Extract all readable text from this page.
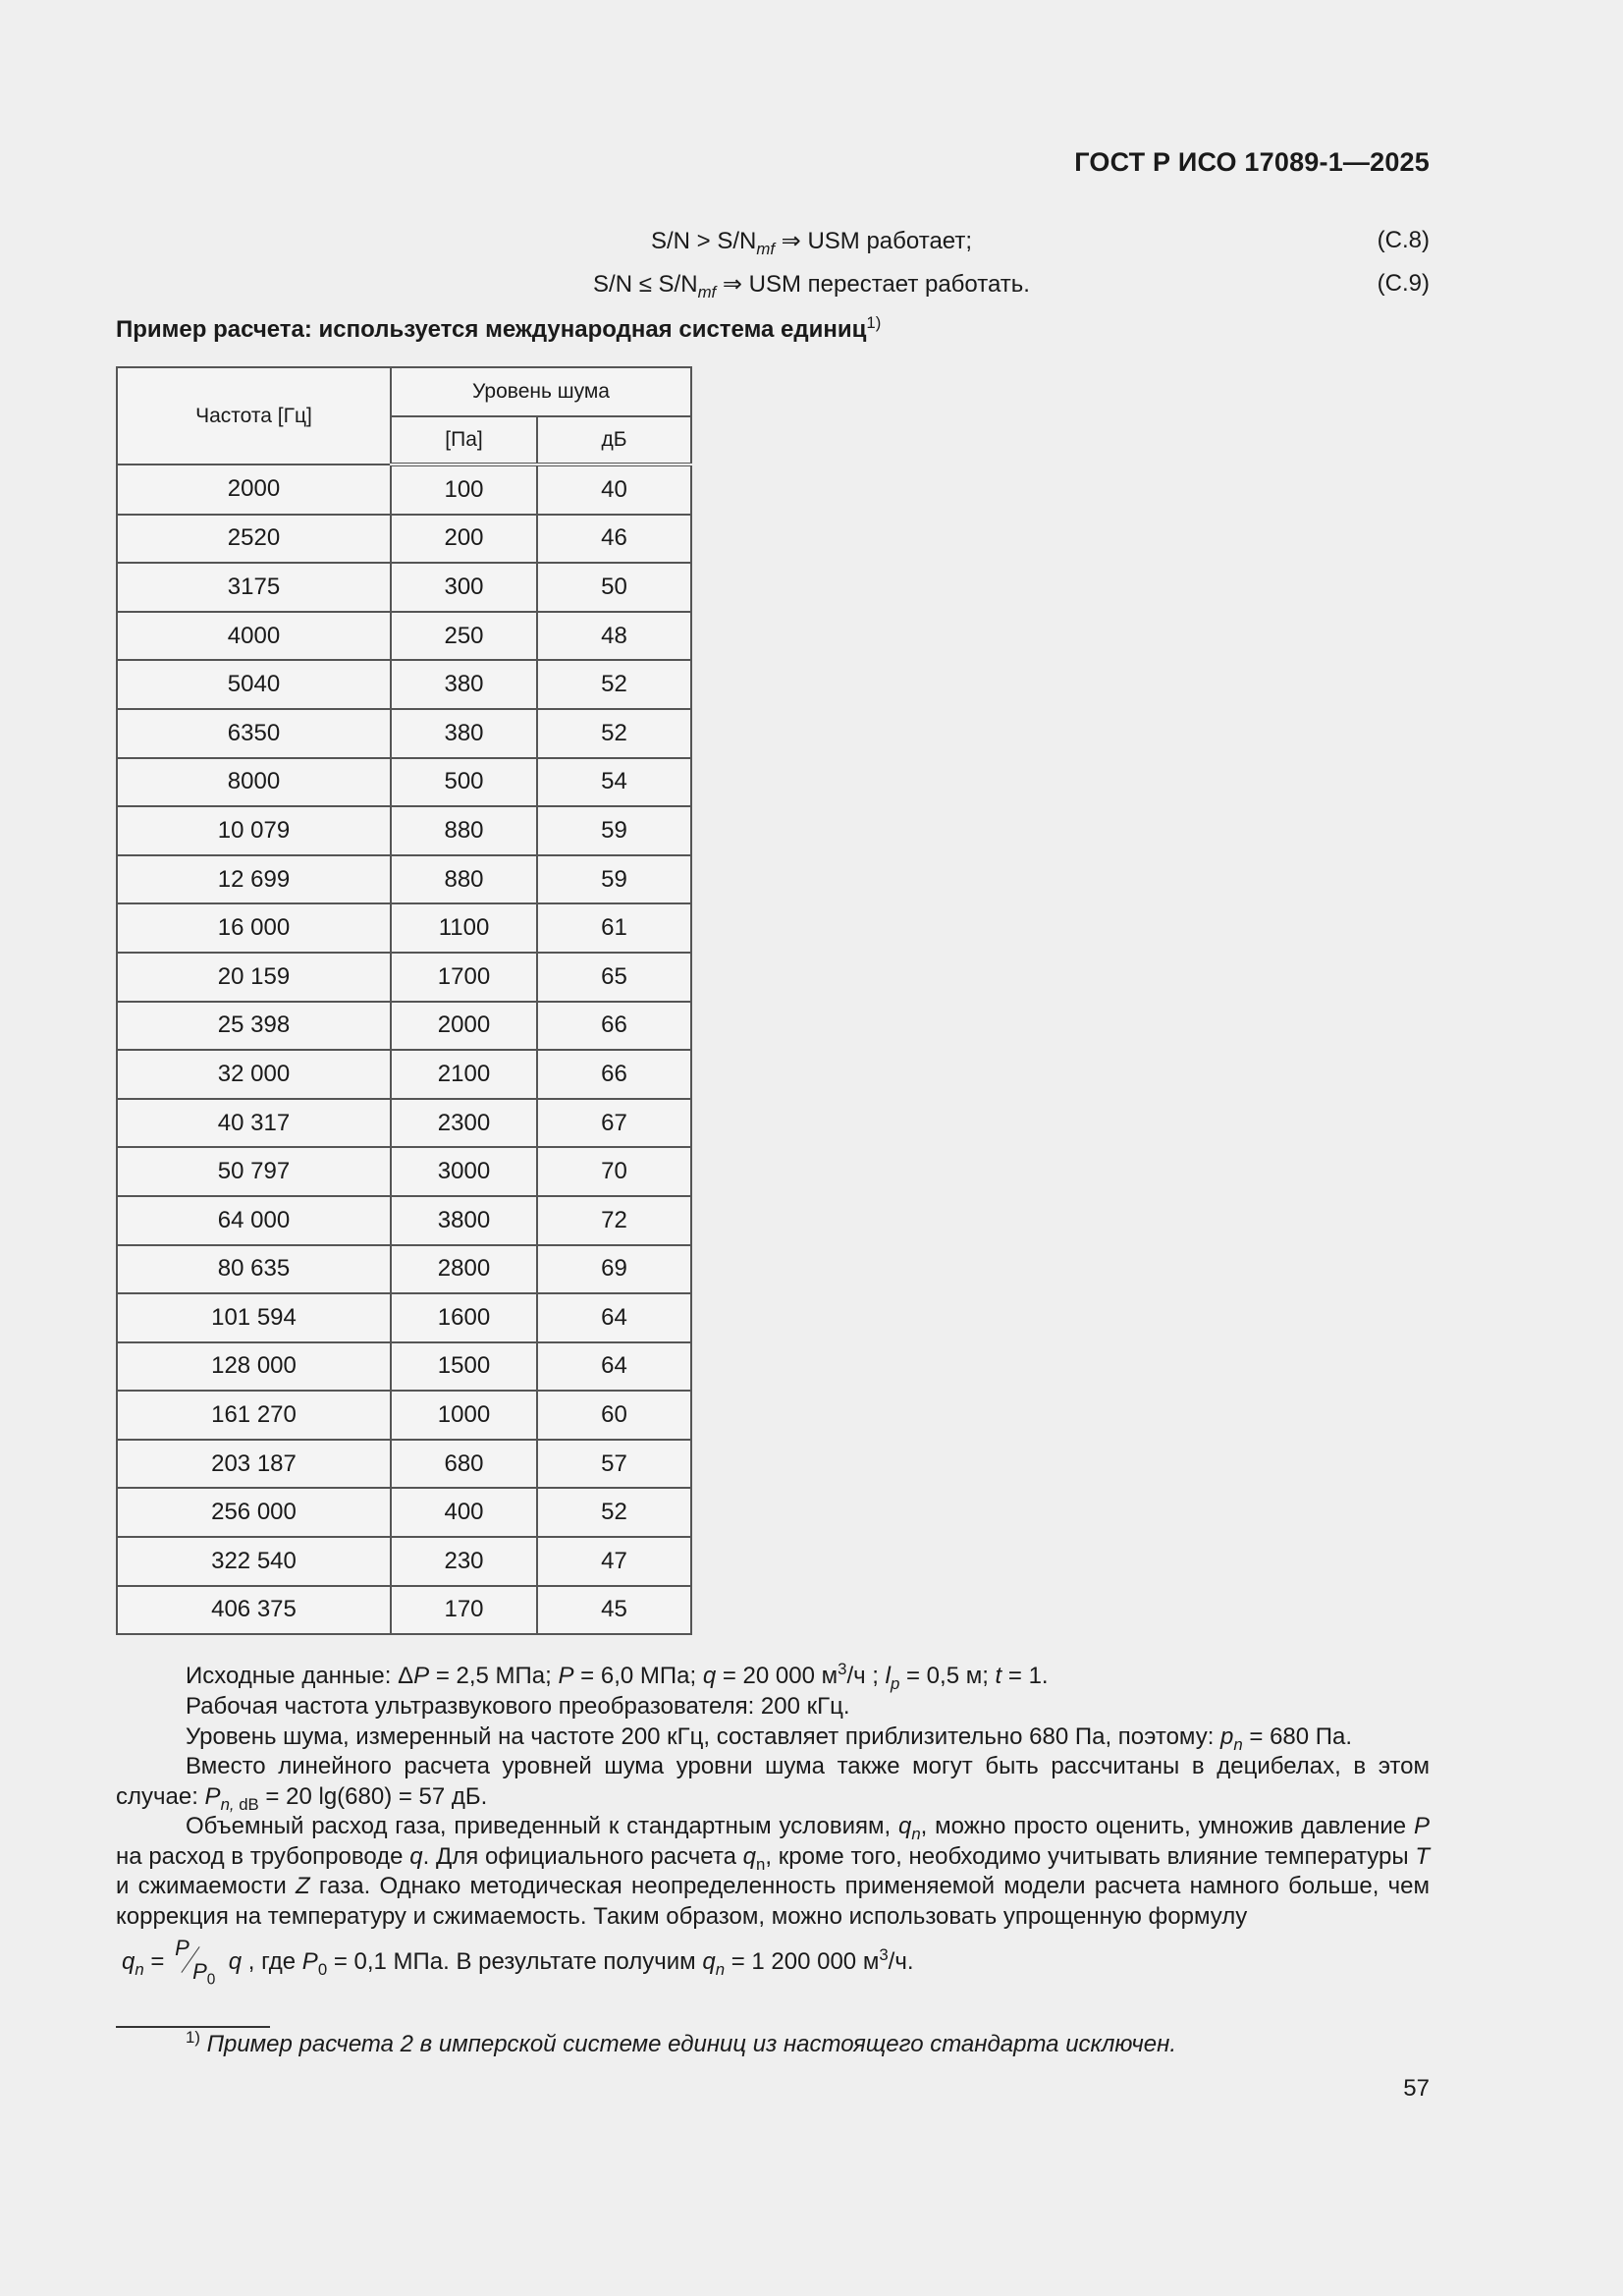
ГОСТ Р ИСО 17089-1—2025
$S/N > S/N_{mf}$ ⇒ USM работает;	(C.8)
$S/N \le S/N_{mf}$ ⇒ USM перестает работать.	(C.9)
Пример расчета: используется международная система единиц$^{1)}$
Частота [Гц]	Уровень шума	
	[Па]	дБ
2000	100	40
2520	200	46
3175	300	50
4000	250	48
5040	380	52
6350	380	52
8000	500	54
10 079	880	59
12 699	880	59
16 000	1100	61
20 159	1700	65
25 398	2000	66
32 000	2100	66
40 317	2300	67
50 797	3000	70
64 000	3800	72
80 635	2800	69
101 594	1600	64
128 000	1500	64
161 270	1000	60
203 187	680	57
256 000	400	52
322 540	230	47
406 375	170	45
Исходные данные: ΔP = 2,5 МПа; P = 6,0 МПа; q = 20 000 $м^3/ч$ ; $l_p = 0,5$ м; t = 1.
Рабочая частота ультразвукового преобразователя: 200 кГц.
Уровень шума, измеренный на частоте 200 кГц, составляет приблизительно 680 Па, поэтому: $p_n = 680$ Па.
Вместо линейного расчета уровней шума уровни шума также могут быть рассчитаны в децибелах, в этом случае: $P_{n, dB} = 20$ lg(680) = 57 дБ.
Объемный расход газа, приведенный к стандартным условиям, $q_n$, можно просто оценить, умножив давление P на расход в трубопроводе q. Для официального расчета $q_n$, кроме того, необходимо учитывать влияние температуры T и сжимаемости Z газа. Однако методическая неопределенность применяемой модели расчета намного больше, чем коррекция на температуру и сжимаемость. Таким образом, можно использовать упрощенную формулу
$q_n$ =
P
$P_0$
q , где $P_0 = 0,1$ МПа. В результате получим $q_n = 1$ 200 000 $м^3/ч$.
$^{1)}$ Пример расчета 2 в имперской системе единиц из настоящего стандарта исключен.
57
